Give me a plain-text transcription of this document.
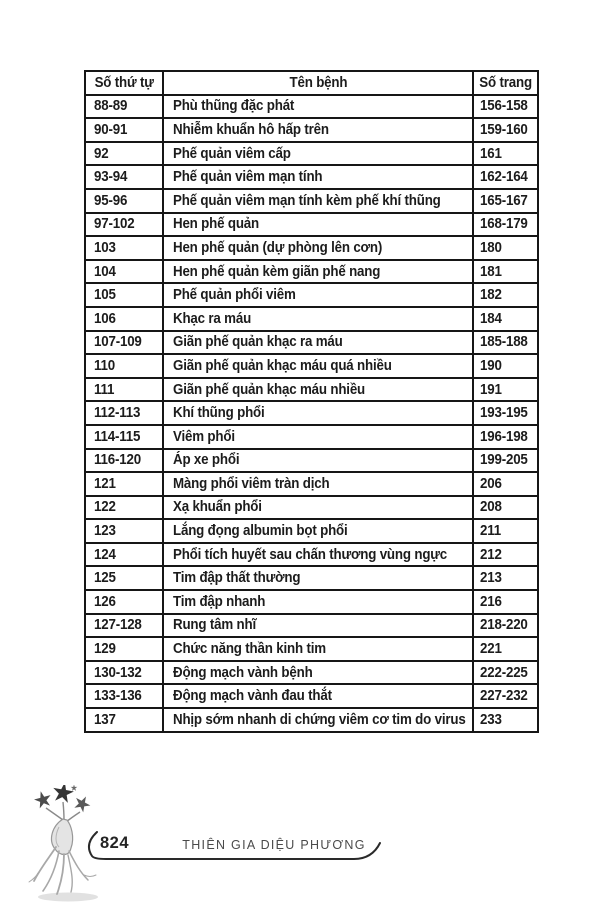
Số thứ tự	Tên bệnh	Số trang
88-89	Phù thũng đặc phát	156-158
90-91	Nhiễm khuẩn hô hấp trên	159-160
92	Phế quản viêm cấp	161
93-94	Phế quản viêm mạn tính	162-164
95-96	Phế quản viêm mạn tính kèm phế khí thũng	165-167
97-102	Hen phế quản	168-179
103	Hen phế quản (dự phòng lên cơn)	180
104	Hen phế quản kèm giãn phế nang	181
105	Phế quản phổi viêm	182
106	Khạc ra máu	184
107-109	Giãn phế quản khạc ra máu	185-188
110	Giãn phế quản khạc máu quá nhiều	190
111	Giãn phế quản khạc máu nhiều	191
112-113	Khí thũng phổi	193-195
114-115	Viêm phổi	196-198
116-120	Áp xe phổi	199-205
121	Màng phổi viêm tràn dịch	206
122	Xạ khuẩn phổi	208
123	Lắng đọng albumin bọt phổi	211
124	Phổi tích huyết sau chấn thương vùng ngực	212
125	Tim đập thất thường	213
126	Tim đập nhanh	216
127-128	Rung tâm nhĩ	218-220
129	Chức năng thần kinh tim	221
130-132	Động mạch vành bệnh	222-225
133-136	Động mạch vành đau thắt	227-232
137	Nhịp sớm nhanh di chứng viêm cơ tim do virus	233
824	THIÊN GIA DIỆU PHƯƠNG
